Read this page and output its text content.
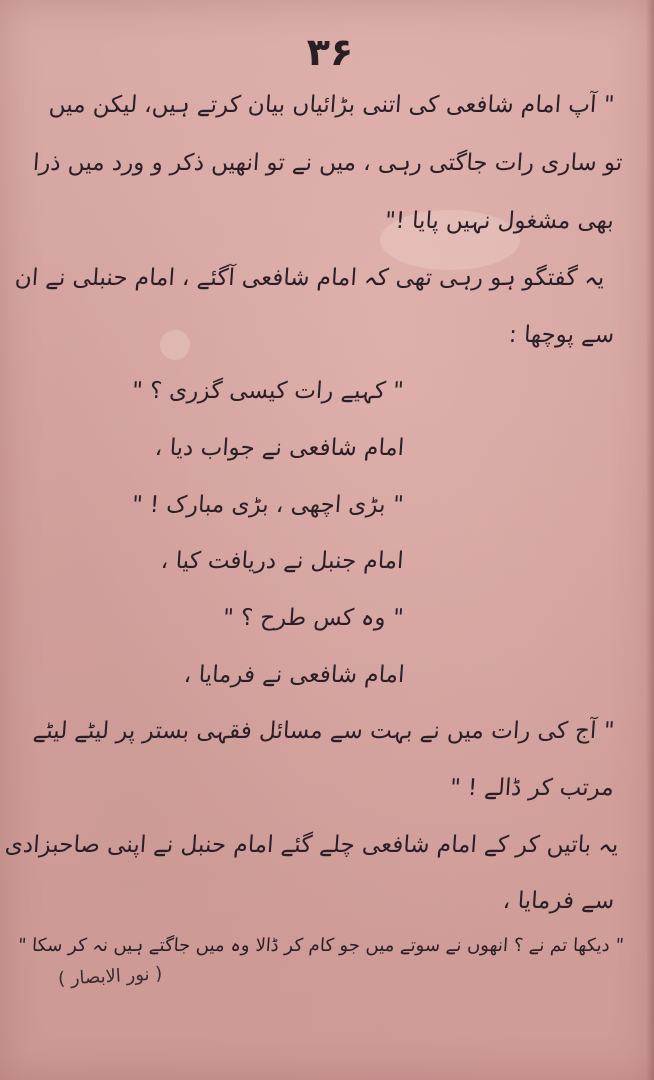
۳۶
" آپ امام شافعی کی اتنی بڑائیاں بیان کرتے ہیں، لیکن میں
تو ساری رات جاگتی رہی ، میں نے تو انھیں ذکر و ورد میں ذرا
بھی مشغول نہیں پایا !"
یہ گفتگو ہو رہی تھی کہ امام شافعی آگئے ، امام حنبلی نے ان
سے پوچھا :
" کہیے رات کیسی گزری ؟ "
امام شافعی نے جواب دیا ،
" بڑی اچھی ، بڑی مبارک ! "
امام جنبل نے دریافت کیا ،
" وہ کس طرح ؟ "
امام شافعی نے فرمایا ،
" آج کی رات میں نے بہت سے مسائل فقہی بستر پر لیٹے لیٹے
مرتب کر ڈالے ! "
یہ باتیں کر کے امام شافعی چلے گئے امام حنبل نے اپنی صاحبزادی
سے فرمایا ،
" دیکھا تم نے ؟ انھوں نے سوتے میں جو کام کر ڈالا وہ میں جاگتے ہیں نہ کر سکا "
( نور الابصار )
